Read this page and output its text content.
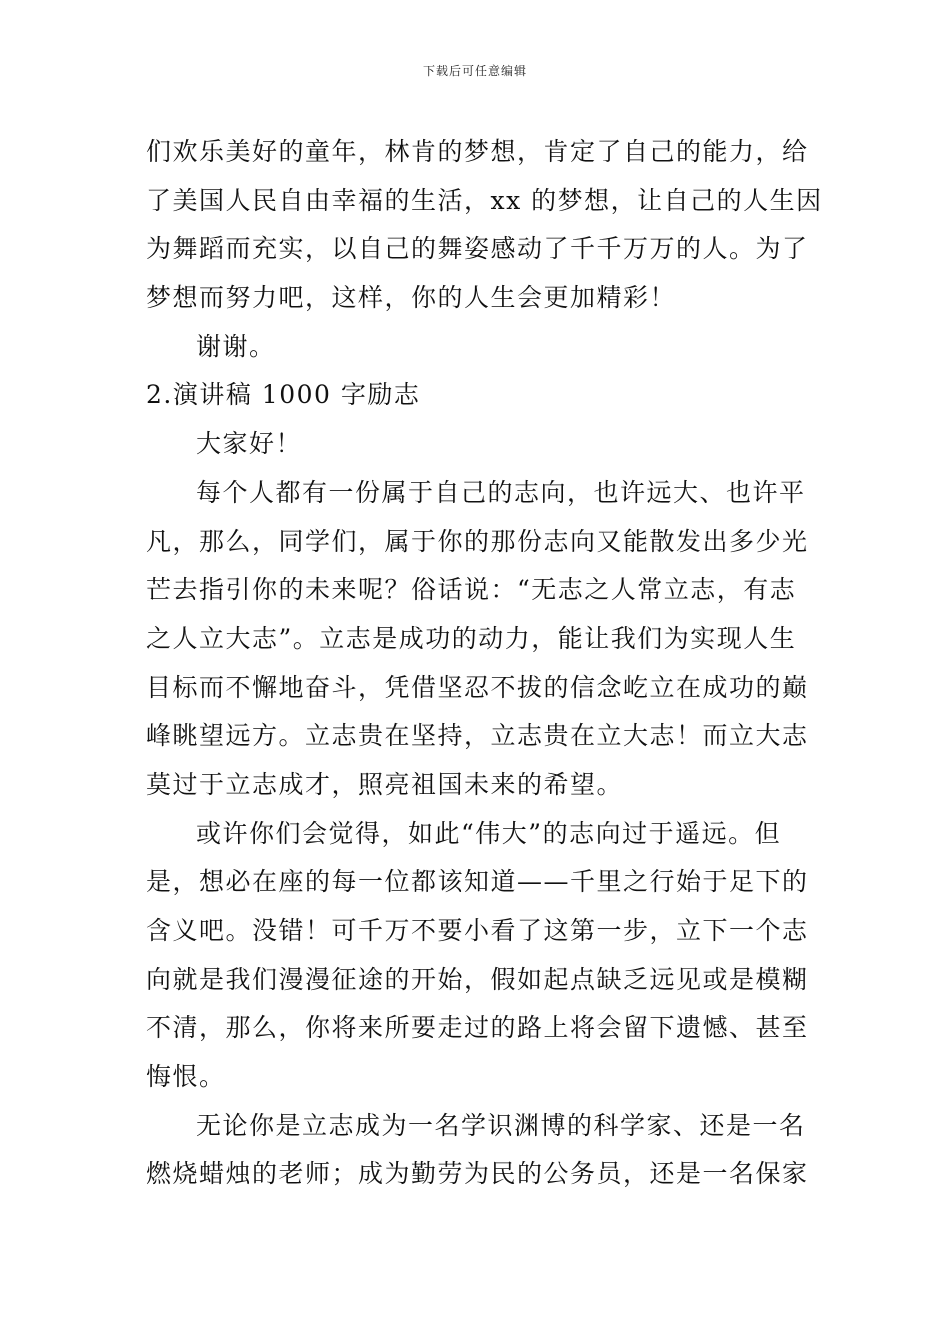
下载后可任意编辑
们欢乐美好的童年，林肯的梦想，肯定了自己的能力，给
了美国人民自由幸福的生活，xx 的梦想，让自己的人生因
为舞蹈而充实，以自己的舞姿感动了千千万万的人。为了
梦想而努力吧，这样，你的人生会更加精彩！
谢谢。
2.演讲稿 1000 字励志
大家好！
每个人都有一份属于自己的志向，也许远大、也许平
凡，那么，同学们，属于你的那份志向又能散发出多少光
芒去指引你的未来呢？俗话说：“无志之人常立志，有志
之人立大志”。立志是成功的动力，能让我们为实现人生
目标而不懈地奋斗，凭借坚忍不拔的信念屹立在成功的巅
峰眺望远方。立志贵在坚持，立志贵在立大志！而立大志
莫过于立志成才，照亮祖国未来的希望。
或许你们会觉得，如此“伟大”的志向过于遥远。但
是，想必在座的每一位都该知道——千里之行始于足下的
含义吧。没错！可千万不要小看了这第一步，立下一个志
向就是我们漫漫征途的开始，假如起点缺乏远见或是模糊
不清，那么，你将来所要走过的路上将会留下遗憾、甚至
悔恨。
无论你是立志成为一名学识渊博的科学家、还是一名
燃烧蜡烛的老师；成为勤劳为民的公务员，还是一名保家
